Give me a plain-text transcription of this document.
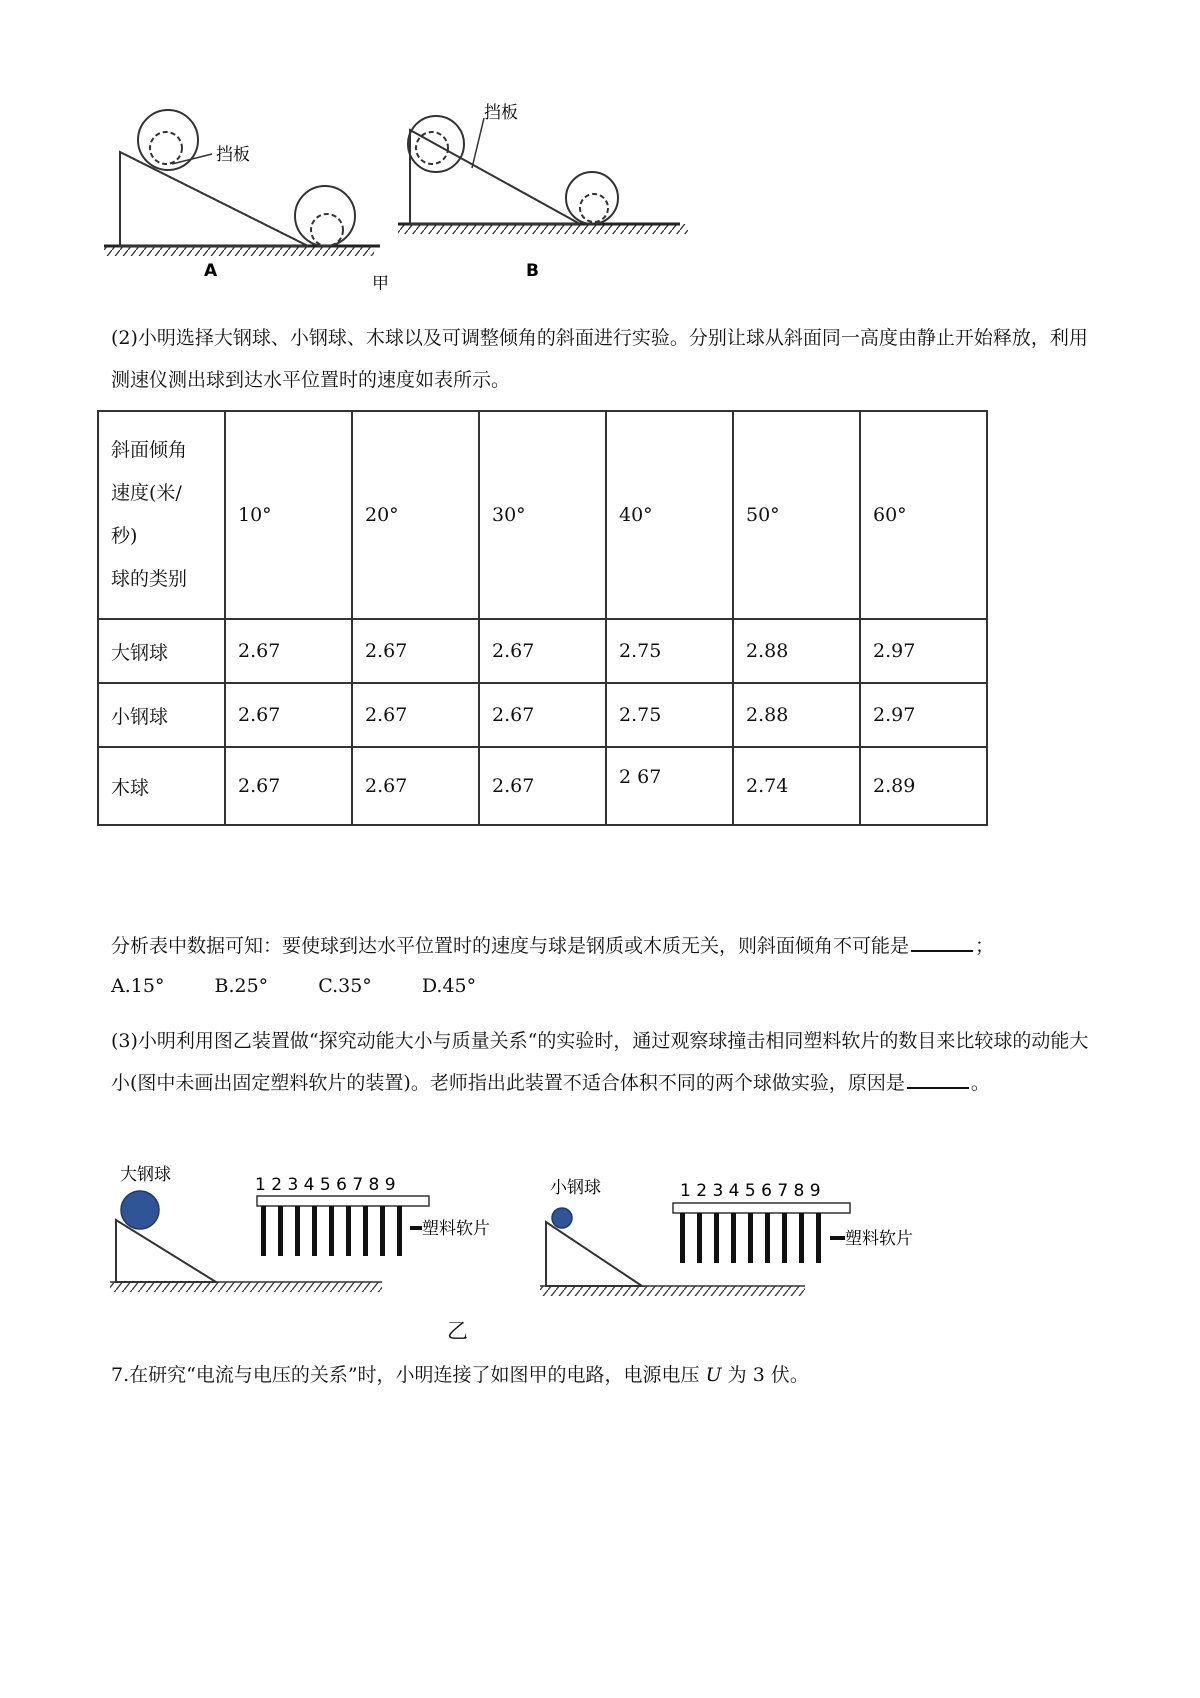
挡板
A
挡板
B
甲

(2)小明选择大钢球、小钢球、木球以及可调整倾角的斜面进行实验。分别让球从斜面同一高度由静止开始释放，利用测速仪测出球到达水平位置时的速度如表所示。

斜面倾角
速度(米/
秒)
球的类别	10°	20°	30°	40°	50°	60°
大钢球	2.67	2.67	2.67	2.75	2.88	2.97
小钢球	2.67	2.67	2.67	2.75	2.88	2.97
木球	2.67	2.67	2.67	2 67	2.74	2.89

分析表中数据可知：要使球到达水平位置时的速度与球是钢质或木质无关，则斜面倾角不可能是	；

A.15°	B.25°	C.35°	D.45°

(3)小明利用图乙装置做“探究动能大小与质量关系“的实验时，通过观察球撞击相同塑料软片的数目来比较球的动能大小(图中未画出固定塑料软片的装置)。老师指出此装置不适合体积不同的两个球做实验，原因是	。

大钢球	1 2 3 4 5 6 7 8 9
塑料软片
小钢球	1 2 3 4 5 6 7 8 9
塑料软片
乙

7.在研究“电流与电压的关系”时，小明连接了如图甲的电路，电源电压 U 为 3 伏。
